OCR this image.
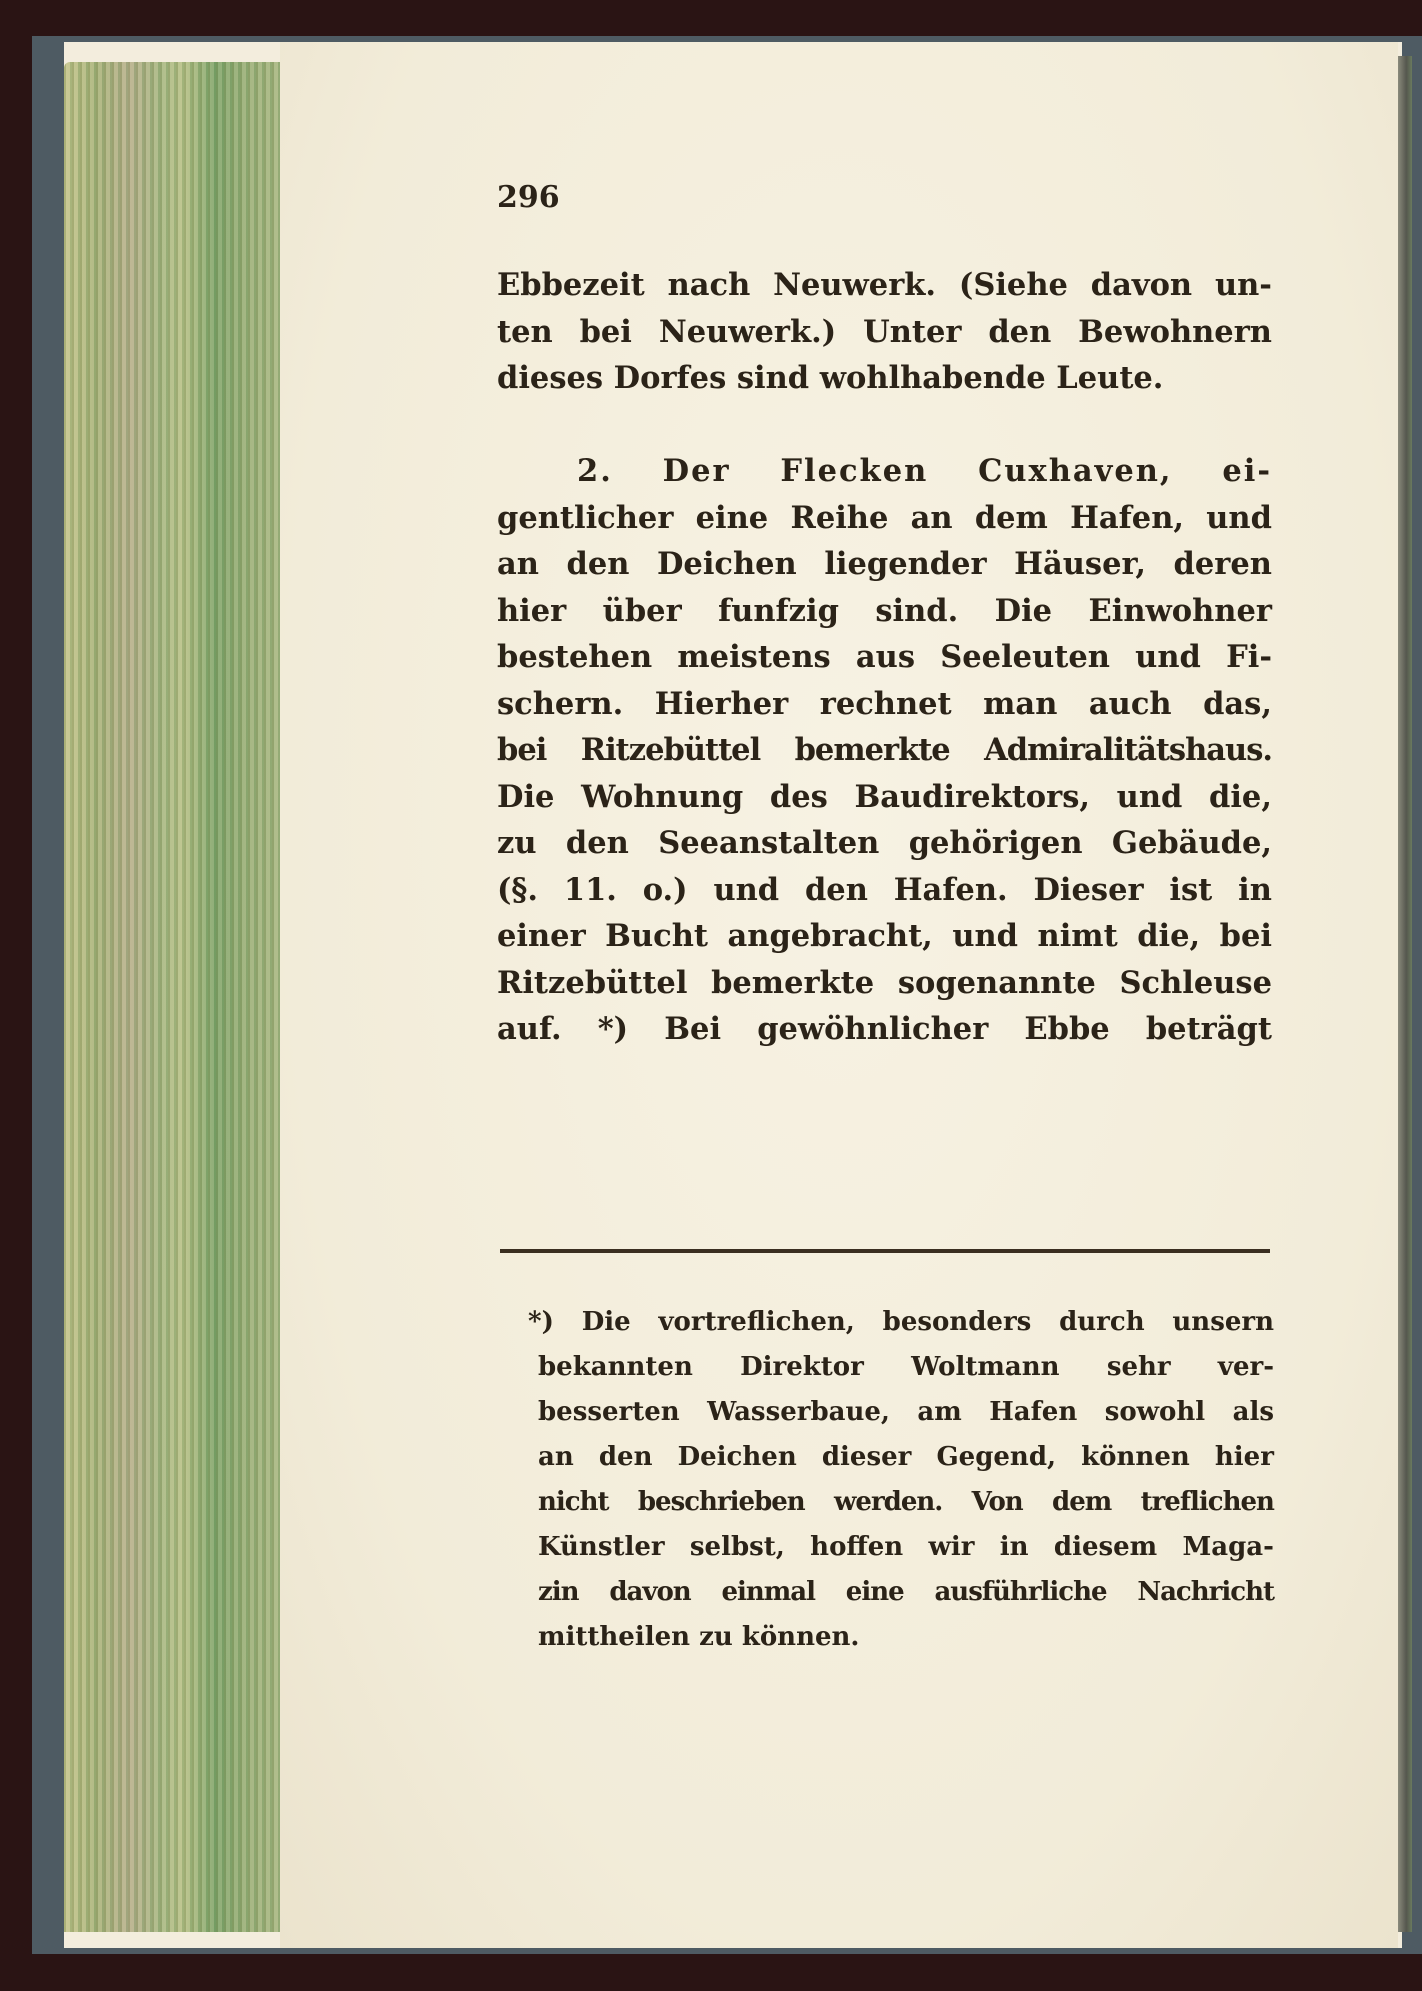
296
Ebbezeit nach Neuwerk. (Siehe davon un-
ten bei Neuwerk.) Unter den Bewohnern
dieses Dorfes sind wohlhabende Leute.
2. Der Flecken Cuxhaven, ei-
gentlicher eine Reihe an dem Hafen, und
an den Deichen liegender Häuser, deren
hier über funfzig sind. Die Einwohner
bestehen meistens aus Seeleuten und Fi-
schern. Hierher rechnet man auch das,
bei Ritzebüttel bemerkte Admiralitätshaus.
Die Wohnung des Baudirektors, und die,
zu den Seeanstalten gehörigen Gebäude,
(§. 11. o.) und den Hafen. Dieser ist in
einer Bucht angebracht, und nimt die, bei
Ritzebüttel bemerkte sogenannte Schleuse
auf. *) Bei gewöhnlicher Ebbe beträgt
*) Die vortreflichen, besonders durch unsern
bekannten Direktor Woltmann sehr ver-
besserten Wasserbaue, am Hafen sowohl als
an den Deichen dieser Gegend, können hier
nicht beschrieben werden. Von dem treflichen
Künstler selbst, hoffen wir in diesem Maga-
zin davon einmal eine ausführliche Nachricht
mittheilen zu können.
